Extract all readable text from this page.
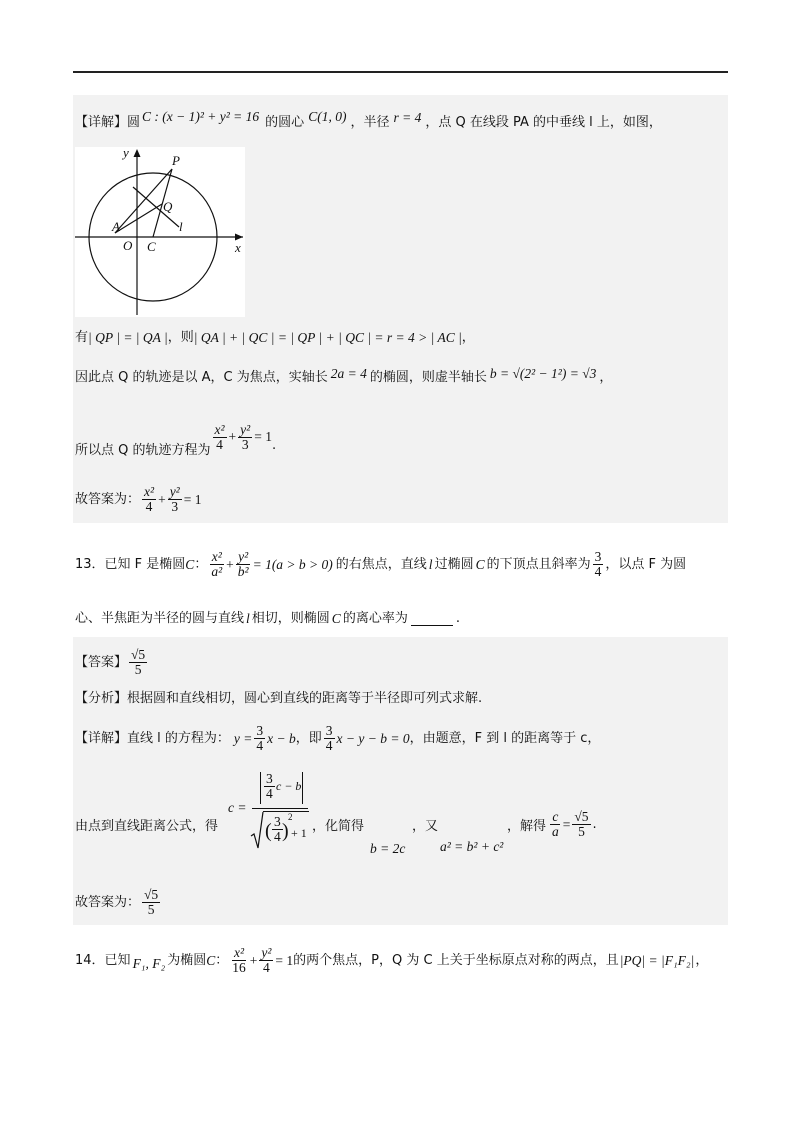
【详解】圆 C : (x − 1)² + y² = 16 的圆心 C(1, 0) ，半径 r = 4 ，点 Q 在线段 PA 的中垂线 l 上，如图，
y
x
P
Q
l
A
O C
有 | QP | = | QA | ，则 | QA | + | QC | = | QP | + | QC | = r = 4 > | AC | ，
因此点 Q 的轨迹是以 A，C 为焦点，实轴长 2a = 4 的椭圆，则虚半轴长 b = √(2² − 1²) = √3 ，
所以点 Q 的轨迹方程为 $\frac{\text{x²}}{4} + \frac{\text{y²}}{3} = 1$
.
故答案为： $\frac{\text{x²}}{4} + \frac{\text{y²}}{3} = 1$
13． 已知 F 是椭圆 C ： $\frac{\text{x²}}{\text{a²}} + \frac{\text{y²}}{\text{b²}} = 1(a > b > 0)$ 的右焦点，直线 l 过椭圆 C 的下顶点且斜率为 $\frac{3}{4}$ ，以点 F 为圆
心、半焦距为半径的圆与直线 l 相切，则椭圆 C 的离心率为	.
【答案】 $\frac{√5}{5}$
【分析】根据圆和直线相切，圆心到直线的距离等于半径即可列式求解.
【详解】直线 l 的方程为： $y = \frac{3}{4}$ x − b ，即 $\frac{3}{4}$ x − y − b = 0 ，由题意，F 到 l 的距离等于 c，
由点到直线距离公式，得
c =
$\frac{3}{4}$ c − b
( $\frac{3}{4}$ )
2
+ 1 ，化简得
b = 2c
，又
a² = b² + c²
，解得 $\frac{c}{a} = \frac{√5}{5}$ .
故答案为： $\frac{√5}{5}$
14． 已知 F₁, F₂ 为椭圆 C ： $\frac{\text{x²}}{16} + \frac{\text{y²}}{4} = 1$ 的两个焦点，P，Q 为 C 上关于坐标原点对称的两点，且 |PQ| = |F₁F₂| ，
